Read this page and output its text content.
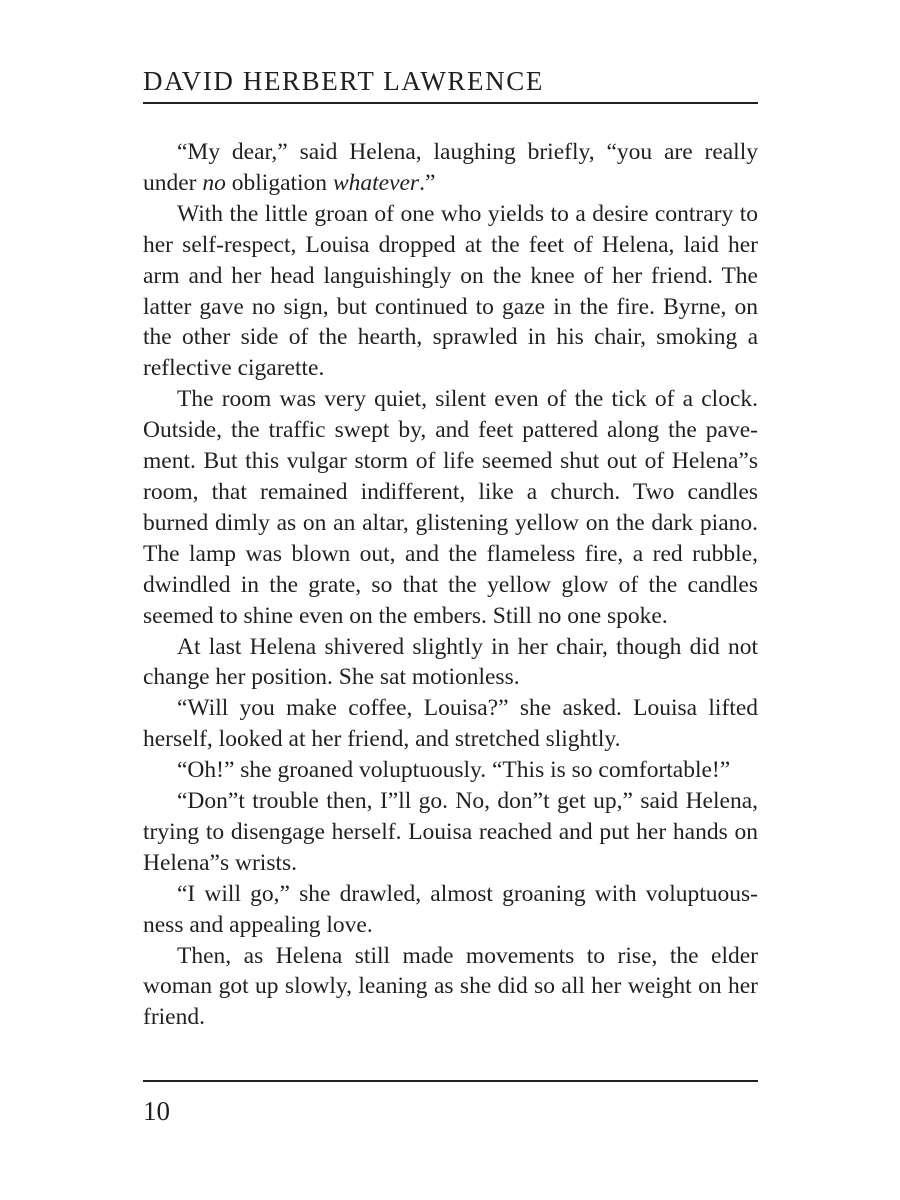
DAVID HERBERT LAWRENCE

“My dear,” said Helena, laughing briefly, “you are really under no obligation whatever.”

With the little groan of one who yields to a desire contrary to her self-respect, Louisa dropped at the feet of Helena, laid her arm and her head languishingly on the knee of her friend. The latter gave no sign, but continued to gaze in the fire. Byrne, on the other side of the hearth, sprawled in his chair, smoking a reflective cigarette.

The room was very quiet, silent even of the tick of a clock. Outside, the traffic swept by, and feet pattered along the pavement. But this vulgar storm of life seemed shut out of Helena”s room, that remained indifferent, like a church. Two candles burned dimly as on an altar, glistening yellow on the dark piano. The lamp was blown out, and the flameless fire, a red rubble, dwindled in the grate, so that the yellow glow of the candles seemed to shine even on the embers. Still no one spoke.

At last Helena shivered slightly in her chair, though did not change her position. She sat motionless.

“Will you make coffee, Louisa?” she asked. Louisa lifted herself, looked at her friend, and stretched slightly.

“Oh!” she groaned voluptuously. “This is so comfortable!”

“Don”t trouble then, I”ll go. No, don”t get up,” said Helena, trying to disengage herself. Louisa reached and put her hands on Helena”s wrists.

“I will go,” she drawled, almost groaning with voluptuousness and appealing love.

Then, as Helena still made movements to rise, the elder woman got up slowly, leaning as she did so all her weight on her friend.

10
